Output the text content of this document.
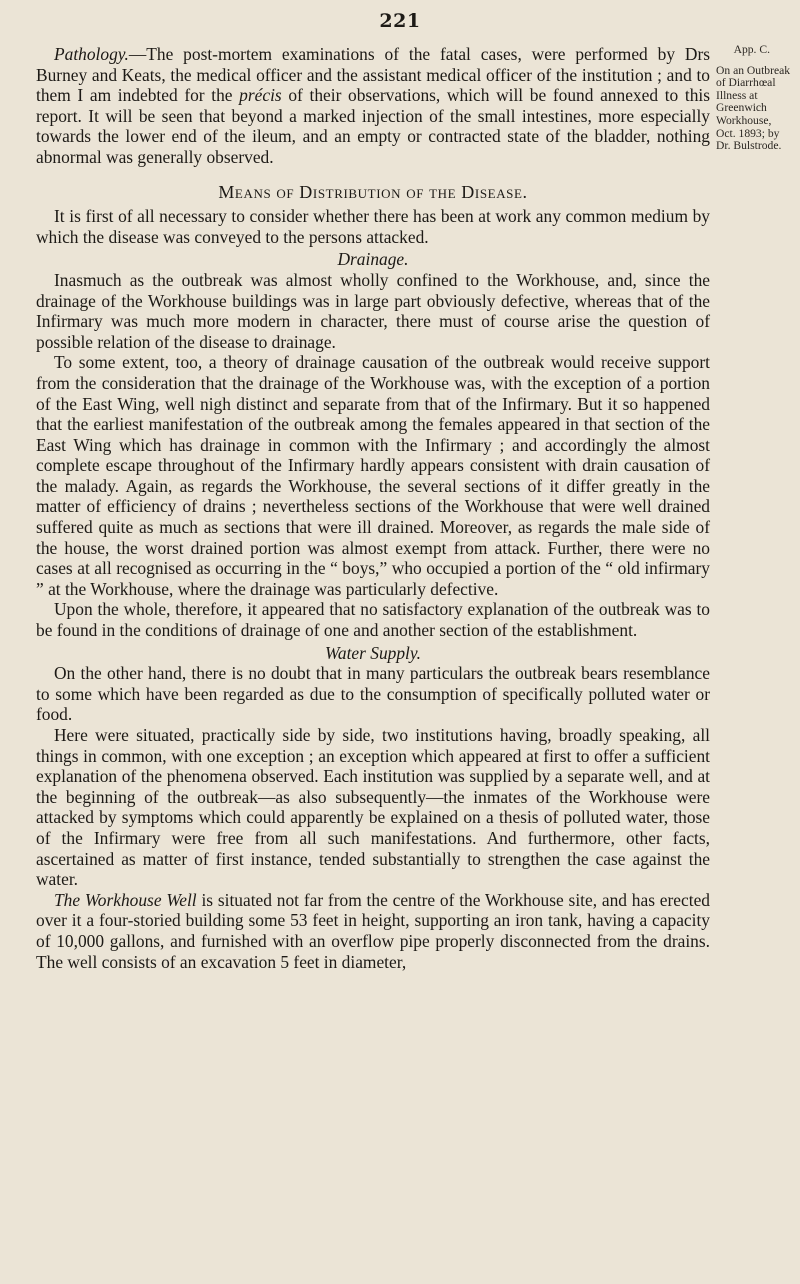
221
App. C.
On an Outbreak
of Diarrhœal
Illness at
Greenwich
Workhouse,
Oct. 1893; by
Dr. Bulstrode.

Pathology.—The post-mortem examinations of the fatal cases, were performed by Drs Burney and Keats, the medical officer and the assistant medical officer of the institution ; and to them I am indebted for the précis of their observations, which will be found annexed to this report. It will be seen that beyond a marked injection of the small intestines, more especially towards the lower end of the ileum, and an empty or contracted state of the bladder, nothing abnormal was generally observed.

Means of Distribution of the Disease.

It is first of all necessary to consider whether there has been at work any common medium by which the disease was conveyed to the persons attacked.

Drainage.

Inasmuch as the outbreak was almost wholly confined to the Workhouse, and, since the drainage of the Workhouse buildings was in large part obviously defective, whereas that of the Infirmary was much more modern in character, there must of course arise the question of possible relation of the disease to drainage.

To some extent, too, a theory of drainage causation of the outbreak would receive support from the consideration that the drainage of the Workhouse was, with the exception of a portion of the East Wing, well nigh distinct and separate from that of the Infirmary. But it so happened that the earliest manifestation of the outbreak among the females appeared in that section of the East Wing which has drainage in common with the Infirmary ; and accordingly the almost complete escape throughout of the Infirmary hardly appears consistent with drain causation of the malady. Again, as regards the Workhouse, the several sections of it differ greatly in the matter of efficiency of drains ; nevertheless sections of the Workhouse that were well drained suffered quite as much as sections that were ill drained. Moreover, as regards the male side of the house, the worst drained portion was almost exempt from attack. Further, there were no cases at all recognised as occurring in the “ boys,” who occupied a portion of the “ old infirmary ” at the Workhouse, where the drainage was particularly defective.

Upon the whole, therefore, it appeared that no satisfactory explanation of the outbreak was to be found in the conditions of drainage of one and another section of the establishment.

Water Supply.

On the other hand, there is no doubt that in many particulars the outbreak bears resemblance to some which have been regarded as due to the consumption of specifically polluted water or food.

Here were situated, practically side by side, two institutions having, broadly speaking, all things in common, with one exception ; an exception which appeared at first to offer a sufficient explanation of the phenomena observed. Each institution was supplied by a separate well, and at the beginning of the outbreak—as also subsequently—the inmates of the Workhouse were attacked by symptoms which could apparently be explained on a thesis of polluted water, those of the Infirmary were free from all such manifestations. And furthermore, other facts, ascertained as matter of first instance, tended substantially to strengthen the case against the water.

The Workhouse Well is situated not far from the centre of the Workhouse site, and has erected over it a four-storied building some 53 feet in height, supporting an iron tank, having a capacity of 10,000 gallons, and furnished with an overflow pipe properly disconnected from the drains. The well consists of an excavation 5 feet in diameter,
